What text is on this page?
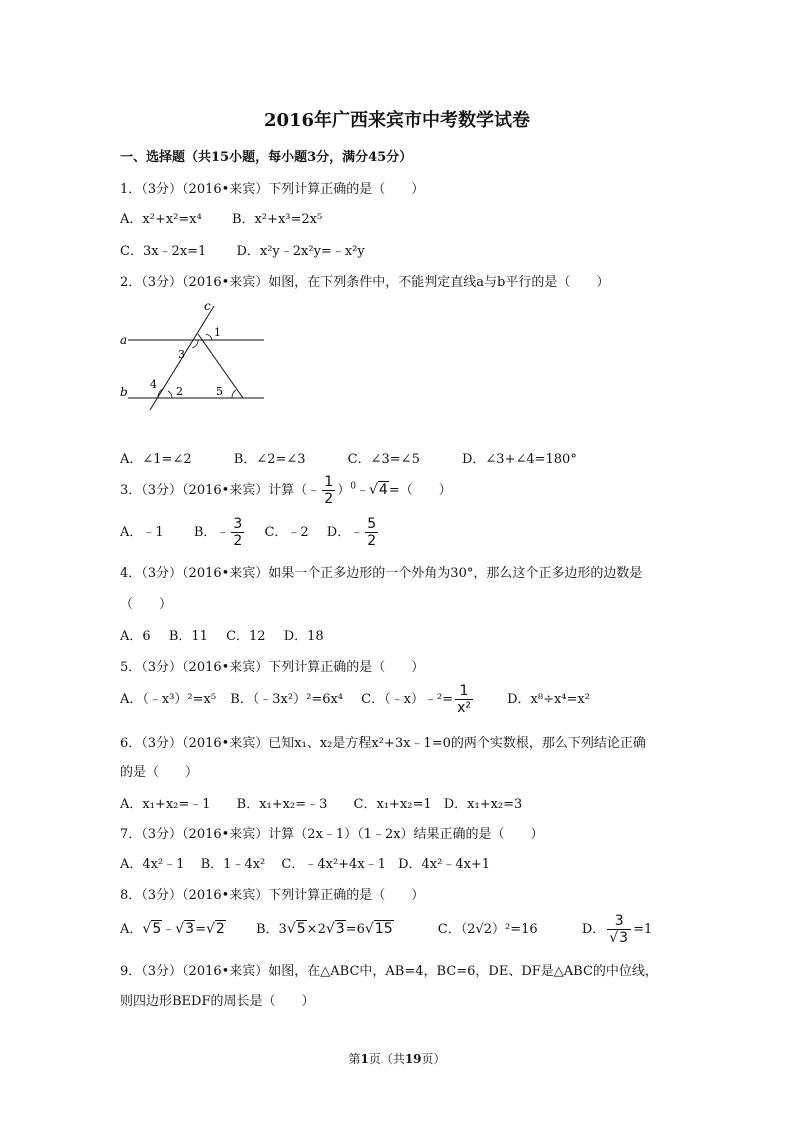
2016年广西来宾市中考数学试卷
一、选择题（共15小题，每小题3分，满分45分）
1．（3分）（2016•来宾）下列计算正确的是（　　）
A．x²+x²=x⁴ B．x²+x³=2x⁵
C．3x﹣2x=1 D．x²y﹣2x²y=﹣x²y
2．（3分）（2016•来宾）如图，在下列条件中，不能判定直线a与b平行的是（　　）
a
b
c
1
3
4
2	5
A．∠1=∠2	B．∠2=∠3	C．∠3=∠5	D．∠3+∠4=180°
3．（3分）（2016•来宾）计算（﹣ $\frac{1}{2}$ ）$^0$﹣√4=（　　）
A．﹣1 B．﹣ $\frac{3}{2}$ C．﹣2 D．﹣ $\frac{5}{2}$
4．（3分）（2016•来宾）如果一个正多边形的一个外角为30°，那么这个正多边形的边数是
（　　）
A．6 B．11 C．12 D．18
5．（3分）（2016•来宾）下列计算正确的是（　　）
A．（﹣x³）²=x⁵ B．（﹣3x²）²=6x⁴ C．（﹣x）﹣²= $\frac{1}{\text{x²}}$	D．x⁸÷x⁴=x²
6．（3分）（2016•来宾）已知x₁、x₂是方程x²+3x﹣1=0的两个实数根，那么下列结论正确
的是（　　）
A．x₁+x₂=﹣1 B．x₁+x₂=﹣3 C．x₁+x₂=1 D．x₁+x₂=3
7．（3分）（2016•来宾）计算（2x﹣1）（1﹣2x）结果正确的是（　　）
A．4x²﹣1 B．1﹣4x² C．﹣4x²+4x﹣1 D．4x²﹣4x+1
8．（3分）（2016•来宾）下列计算正确的是（　　）
A．√5﹣√3=√2 B．3√5×2√3=6√15	C．（2√2）²=16	D． $\frac{3}{√3} =1$
9．（3分）（2016•来宾）如图，在△ABC中，AB=4，BC=6，DE、DF是△ABC的中位线，
则四边形BEDF的周长是（　　）
第1页（共19页）
